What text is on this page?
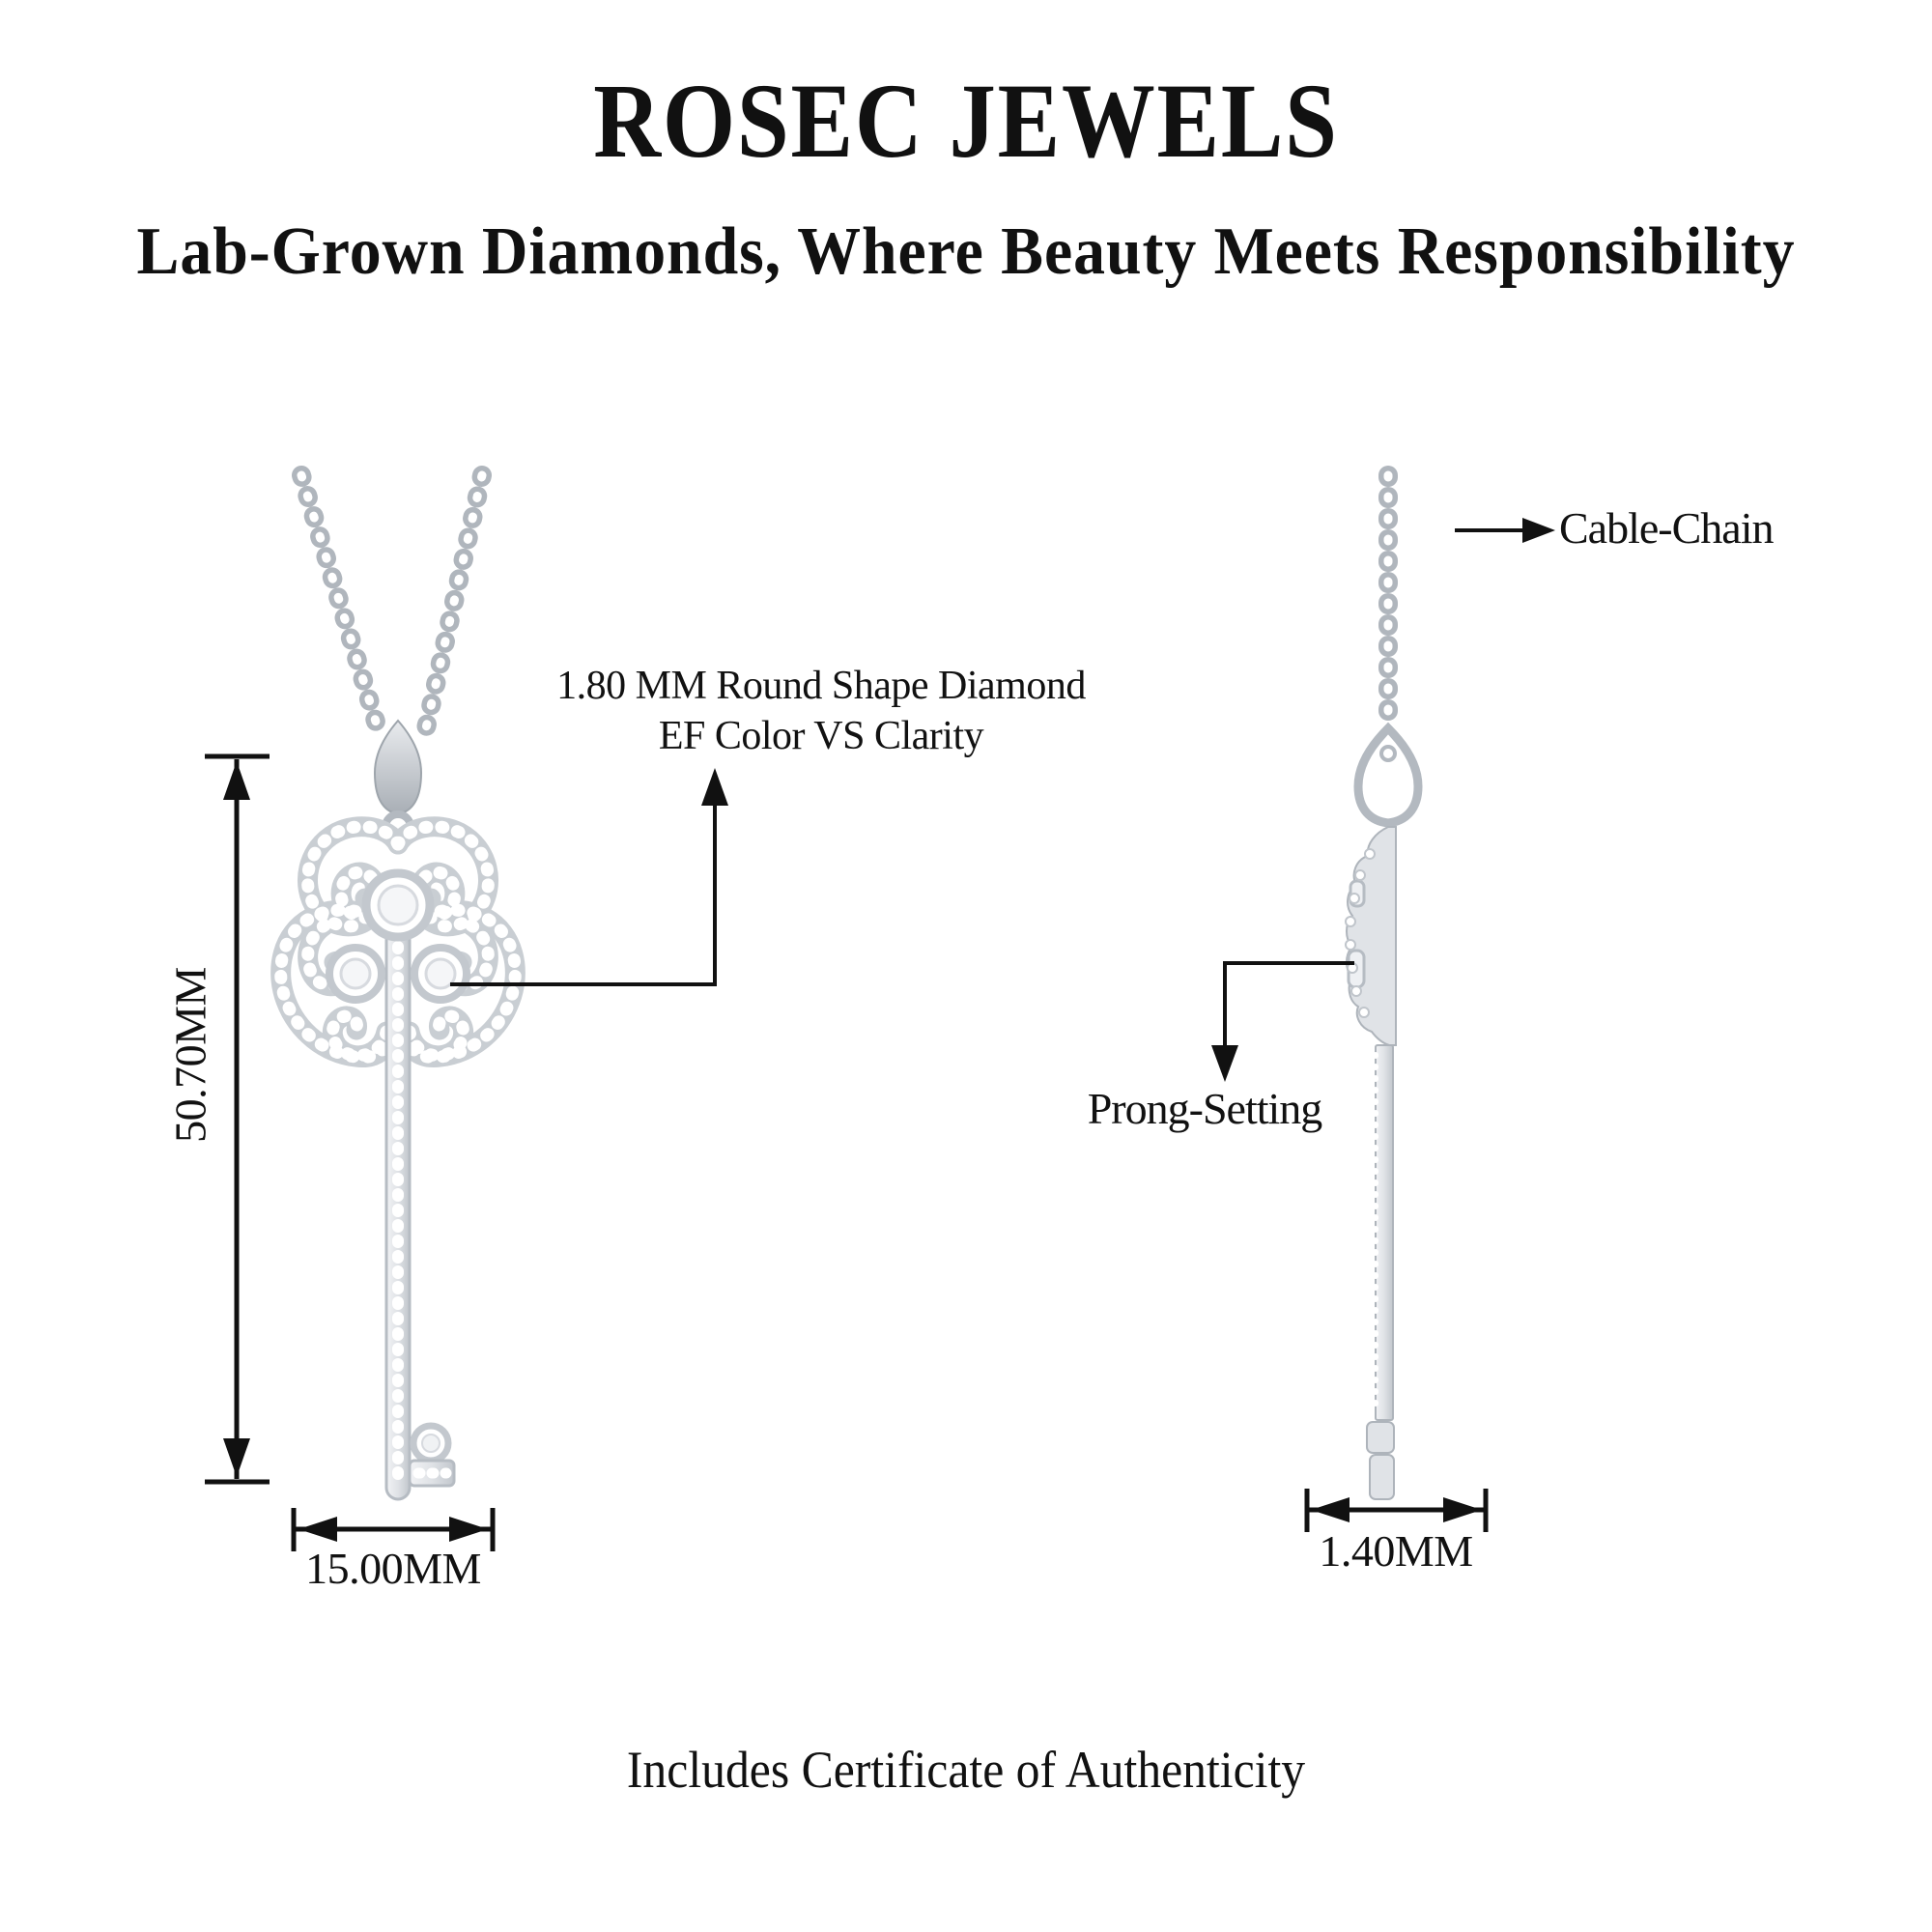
ROSEC JEWELS
Lab-Grown Diamonds, Where Beauty Meets Responsibility
1.80 MM Round Shape Diamond
EF Color VS Clarity
50.70MM
15.00MM	1.40MM
Cable-Chain
Prong-Setting
Includes Certificate of Authenticity
